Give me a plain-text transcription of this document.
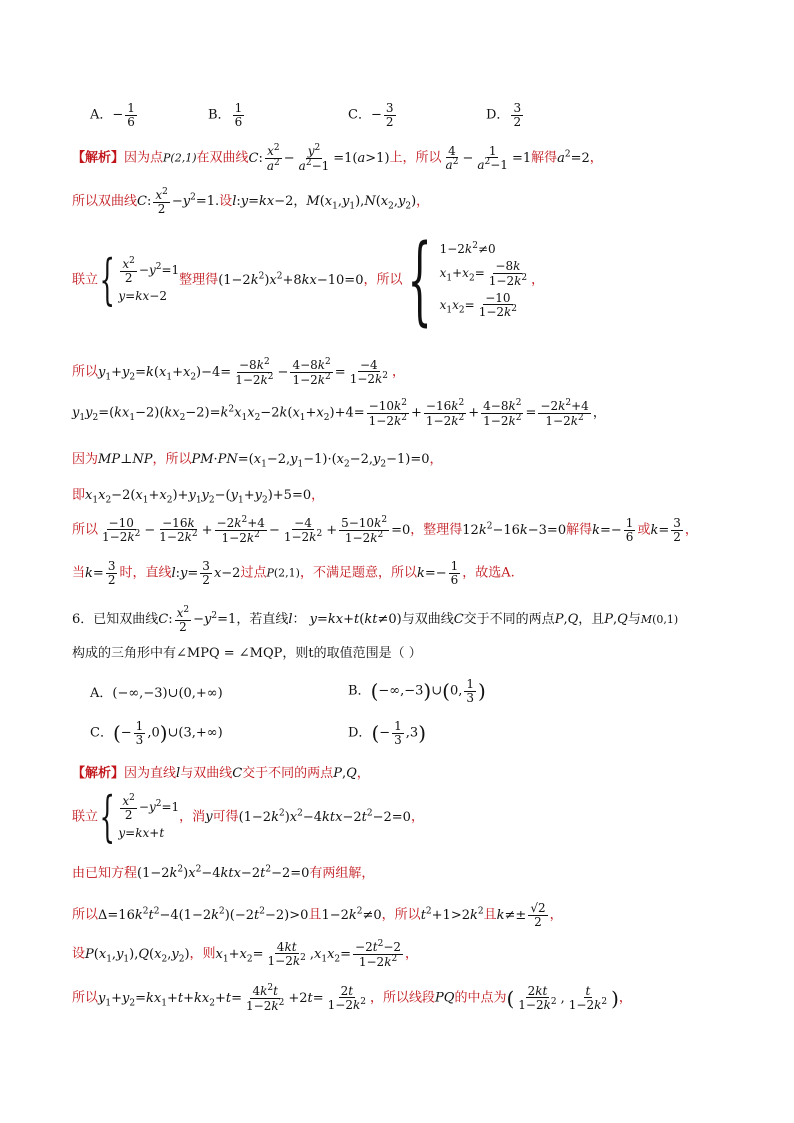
A．− $\frac{1}{6}$	B． $\frac{1}{6}$	C．− $\frac{3}{2}$	D． $\frac{3}{2}$
【解析】因为点P(2,1)在双曲线C: $\frac{x^2}{a^2} - \frac{y^2}{a^2-1} =1(a>1)$上，所以 $\frac{4}{a^2} - \frac{1}{a^2-1} =1$解得$a^2=2$，
所以双曲线C: $\frac{x^2}{2} -y^2=1$.设l:y=kx−2，$M(x_1,y_1),N(x_2,y_2)$，
联立 { $\frac{x^2}{2} -y^2=1$
y=kx−2
整理得$(1-2k^2)x^2+8kx-10=0$，所以 { $1-2k^2\ne 0$
$x_1+x_2= \frac{-8k}{1-2k^2}$
$x_1x_2= \frac{-10}{1-2k^2}$
，
所以$y_1+y_2=k(x_1+x_2)-4= \frac{-8k^2}{1-2k^2} - \frac{4-8k^2}{1-2k^2} = \frac{-4}{1-2k^2}$ ，
$y_1y_2=(kx_1-2)(kx_2-2)=k^2x_1x_2-2k(x_1+x_2)+4= \frac{-10k^2}{1-2k^2} + \frac{-16k^2}{1-2k^2} + \frac{4-8k^2}{1-2k^2} = \frac{-2k^2+4}{1-2k^2}$ ，
因为MP⊥NP，所以$PM\cdot PN=(x_1-2,y_1-1)\cdot(x_2-2,y_2-1)=0$，
即$x_1x_2-2(x_1+x_2)+y_1y_2-(y_1+y_2)+5=0$，
所以 $\frac{-10}{1-2k^2} - \frac{-16k}{1-2k^2} + \frac{-2k^2+4}{1-2k^2} - \frac{-4}{1-2k^2} + \frac{5-10k^2}{1-2k^2} =0$，整理得$12k^2-16k-3=0$解得$k=- \frac{1}{6}$ 或$k= \frac{3}{2}$ ，
当$k= \frac{3}{2}$ 时，直线l:y= $\frac{3}{2} x-2$过点P(2,1)，不满足题意，所以$k=- \frac{1}{6}$ ，故选A.
6．已知双曲线C: $\frac{x^2}{2} -y^2=1$，若直线l： y=kx+t(kt≠0)与双曲线C交于不同的两点P,Q，且P,Q与M(0,1)
构成的三角形中有∠MPQ = ∠MQP，则t的取值范围是（ ）
A．(−∞,−3)∪(0,+∞)	B．(−∞,−3)∪(0, $\frac{1}{3}$ )
C．(− $\frac{1}{3}$ ,0)∪(3,+∞)	D．(− $\frac{1}{3} ,3$)
【解析】因为直线l与双曲线C交于不同的两点P,Q，
联立 { $\frac{x^2}{2} -y^2=1$
y=kx+t
，消y可得$(1-2k^2)x^2-4ktx-2t^2-2=0$，
由已知方程$(1-2k^2)x^2-4ktx-2t^2-2=0$有两组解，
所以$\Delta=16k^2t^2-4(1-2k^2)(-2t^2-2)>0$且$1-2k^2\ne 0$，所以$t^2+1>2k^2$且$k\ne\pm \frac{√2}{2}$ ，
设$P(x_1,y_1),Q(x_2,y_2)$，则$x_1+x_2= \frac{4kt}{1-2k^2} ,x_1x_2= \frac{-2t^2-2}{1-2k^2}$ ，
所以$y_1+y_2=kx_1+t+kx_2+t= \frac{4k^2t}{1-2k^2} +2t= \frac{2t}{1-2k^2}$ ，所以线段PQ的中点为( $\frac{2kt}{1-2k^2}$ , $\frac{t}{1-2k^2}$ )，
